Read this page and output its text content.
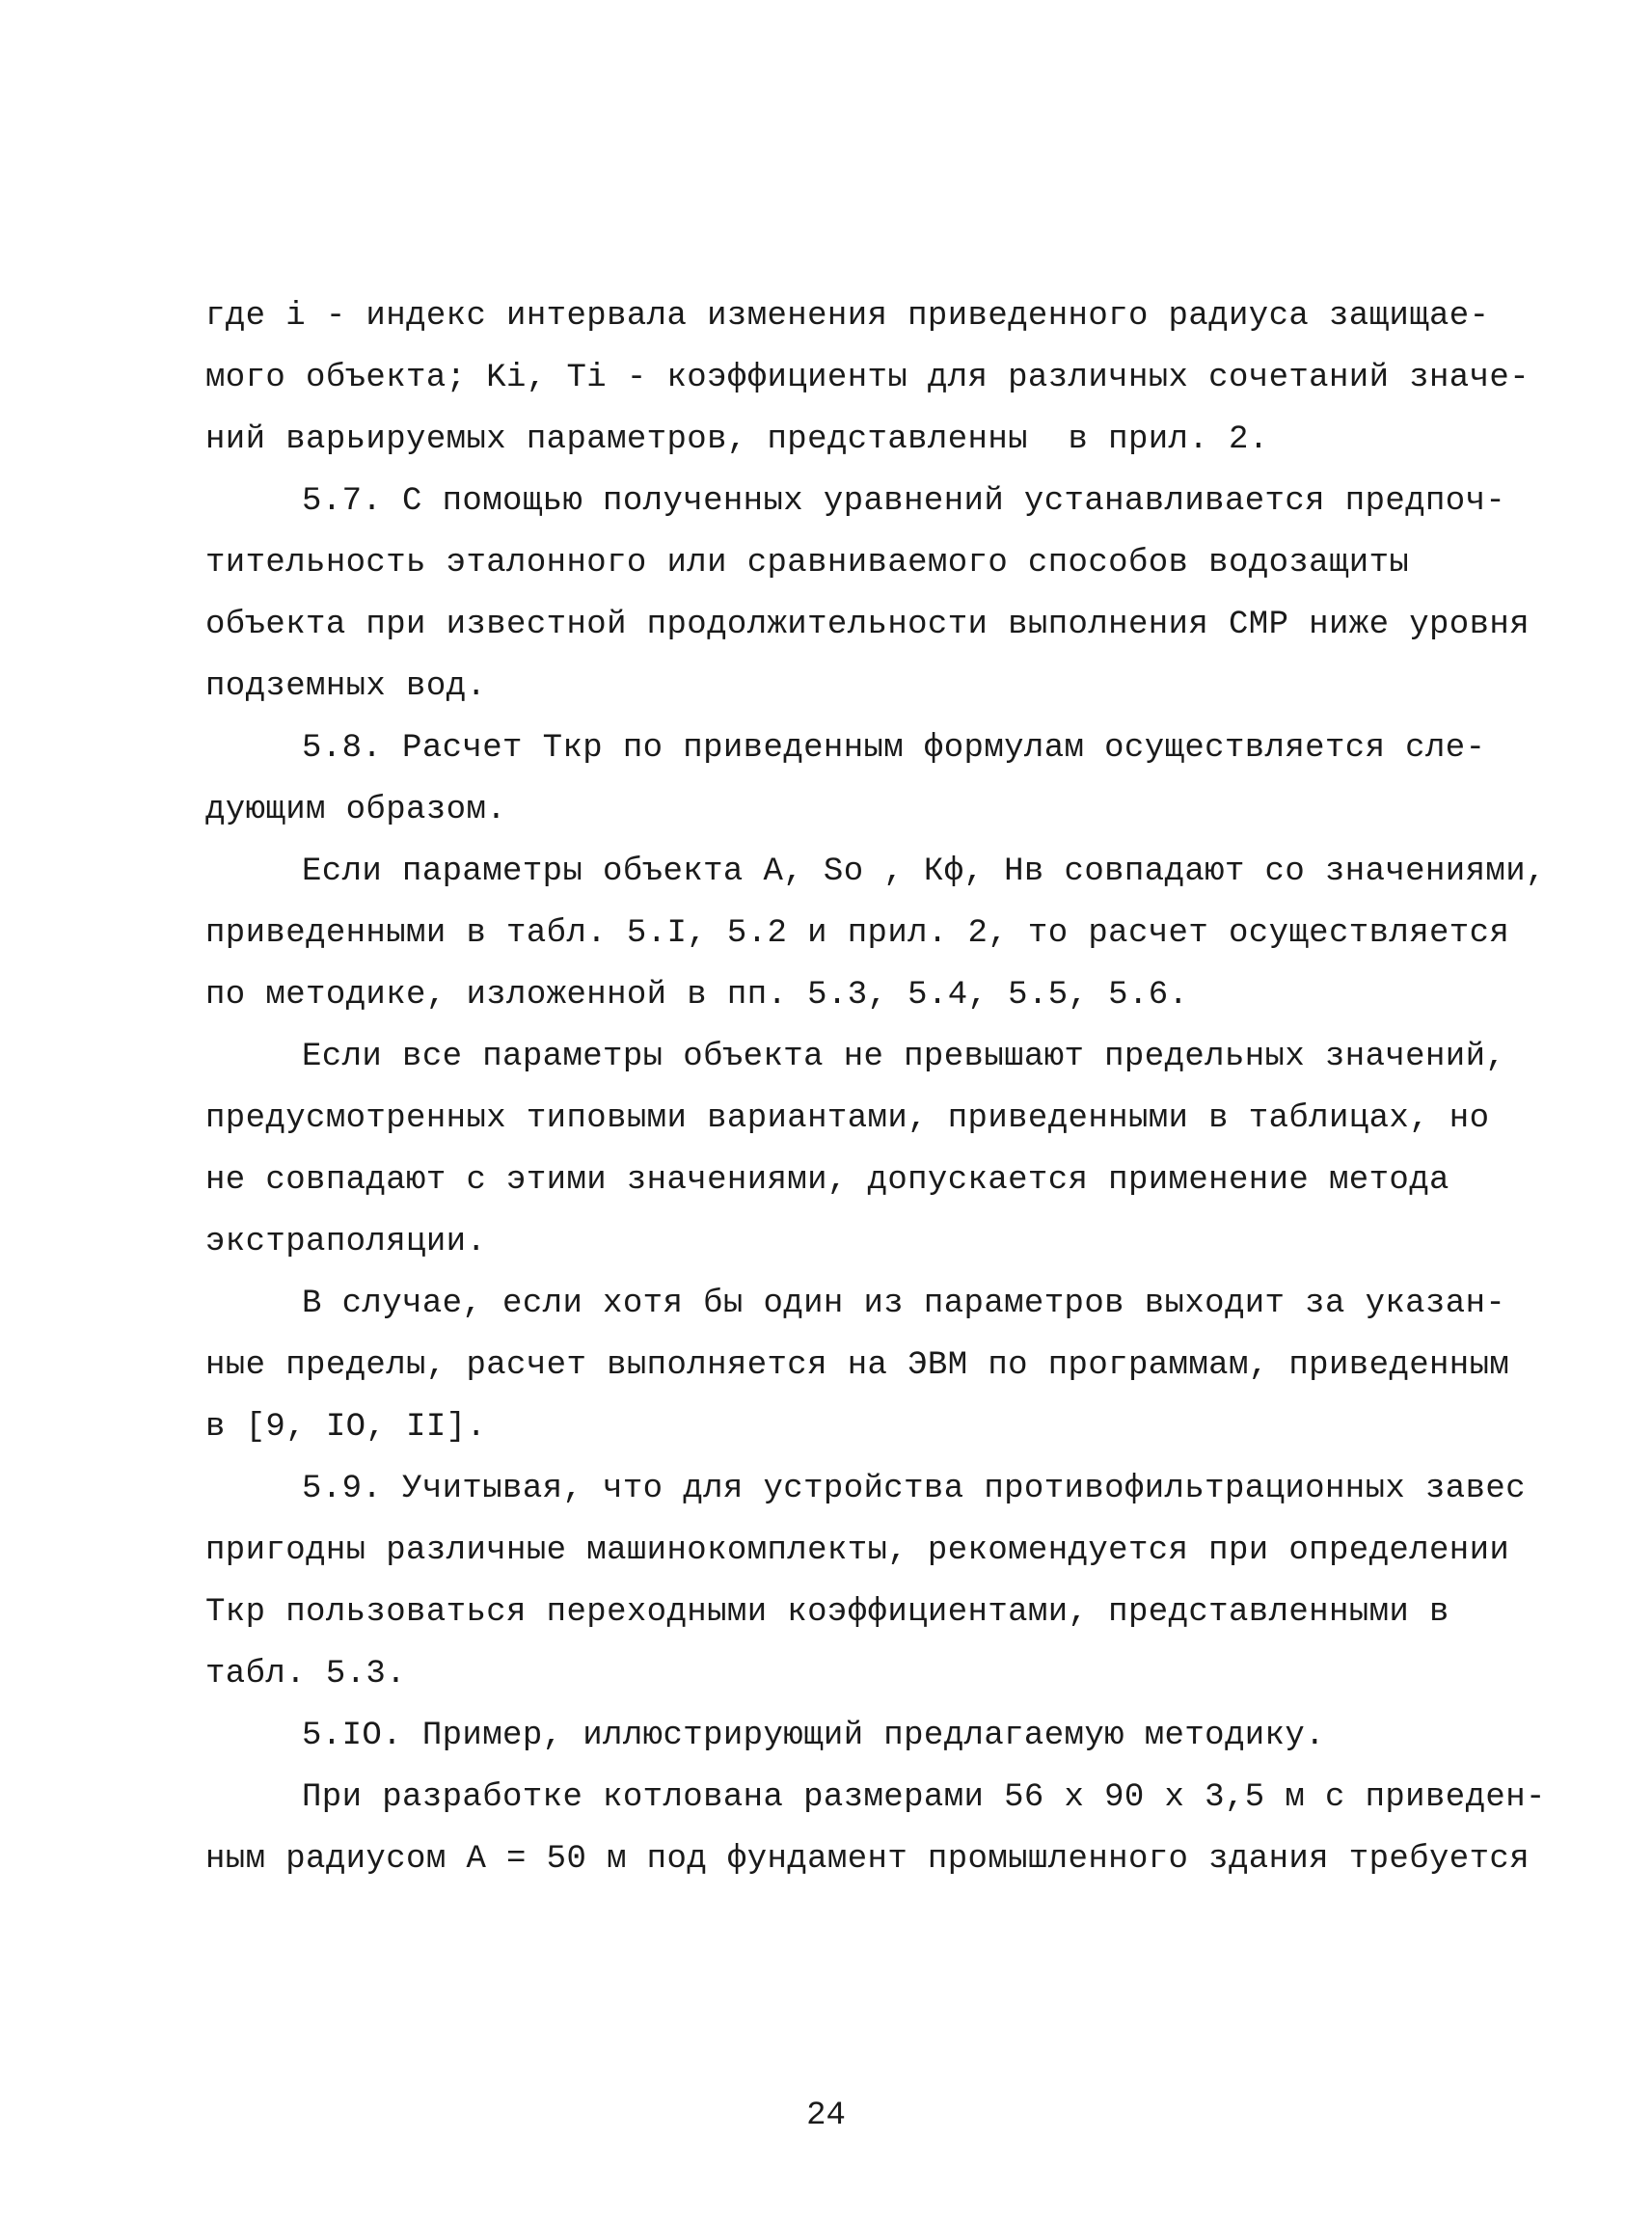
где i - индекс интервала изменения приведенного радиуса защищае-
мого объекта; Ki, Ti - коэффициенты для различных сочетаний значе-
ний варьируемых параметров, представленны  в прил. 2.
5.7. С помощью полученных уравнений устанавливается предпоч-
тительность эталонного или сравниваемого способов водозащиты
объекта при известной продолжительности выполнения СМР ниже уровня
подземных вод.
5.8. Расчет Tкр по приведенным формулам осуществляется сле-
дующим образом.
Если параметры объекта А, So , Кф, Нв совпадают со значениями,
приведенными в табл. 5.I, 5.2 и прил. 2, то расчет осуществляется
по методике, изложенной в пп. 5.3, 5.4, 5.5, 5.6.
Если все параметры объекта не превышают предельных значений,
предусмотренных типовыми вариантами, приведенными в таблицах, но
не совпадают с этими значениями, допускается применение метода
экстраполяции.
В случае, если хотя бы один из параметров выходит за указан-
ные пределы, расчет выполняется на ЭВМ по программам, приведенным
в [9, IO, II].
5.9. Учитывая, что для устройства противофильтрационных завес
пригодны различные машинокомплекты, рекомендуется при определении
Tкр пользоваться переходными коэффициентами, представленными в
табл. 5.3.
5.IO. Пример, иллюстрирующий предлагаемую методику.
При разработке котлована размерами 56 х 90 х 3,5 м с приведен-
ным радиусом А = 50 м под фундамент промышленного здания требуется
24
